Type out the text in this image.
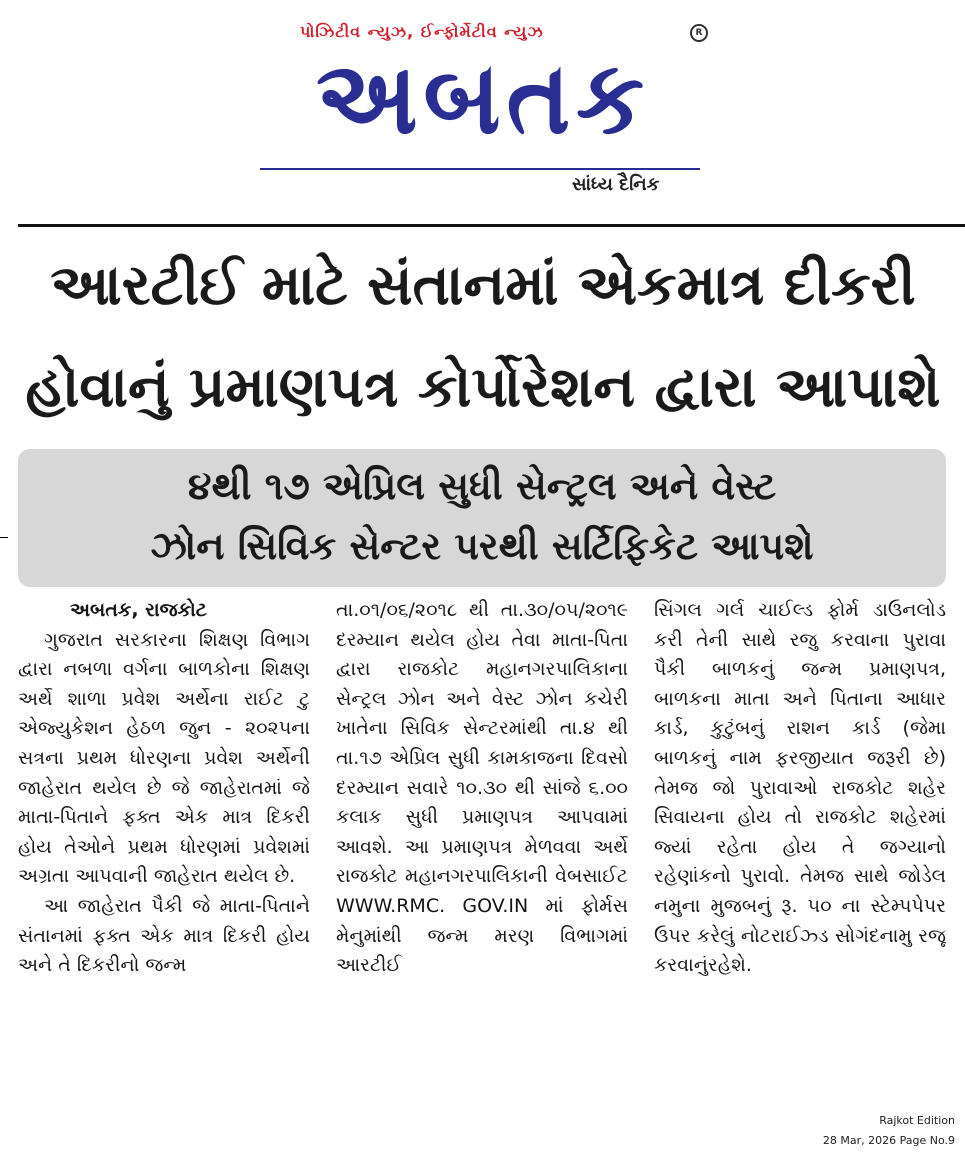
પોઝિટીવ ન્યુઝ, ઈન્ફોર્મેટીવ ન્યુઝ	R
અબતક
સાંધ્ય દૈનિક
આરટીઈ માટે સંતાનમાં એકમાત્ર દીકરી
હોવાનું પ્રમાણપત્ર કોર્પોરેશન દ્વારા આપાશે
૪થી ૧૭ એપ્રિલ સુધી સેન્ટ્રલ અને વેસ્ટ
ઝોન સિવિક સેન્ટર પરથી સર્ટિફિકેટ આપશે

અબતક, રાજકોટ

ગુજરાત સરકારના શિક્ષણ વિભાગ દ્વારા નબળા વર્ગના બાળકોના શિક્ષણ અર્થે શાળા પ્રવેશ અર્થેના રાઈટ ટુ એજ્યુકેશન હેઠળ જુન - ૨૦૨૫ના સત્રના પ્રથમ ધોરણના પ્રવેશ અર્થેની જાહેરાત થયેલ છે જે જાહેરાતમાં જે માતા-પિતાને ફક્ત એક માત્ર દિકરી હોય તેઓને પ્રથમ ધોરણમાં પ્રવેશમાં અગ્રતા આપવાની જાહેરાત થયેલ છે.

આ જાહેરાત પૈકી જે માતા-પિતાને સંતાનમાં ફક્ત એક માત્ર દિકરી હોય અને તે દિકરીનો જન્મ

તા.૦૧/૦૬/૨૦૧૮ થી તા.૩૦/૦૫/૨૦૧૯ દરમ્યાન થયેલ હોય તેવા માતા-પિતા દ્વારા રાજકોટ મહાનગરપાલિકાના સેન્ટ્રલ ઝોન અને વેસ્ટ ઝોન કચેરી ખાતેના સિવિક સેન્ટરમાંથી તા.૪ થી તા.૧૭ એપ્રિલ સુધી કામકાજના દિવસો દરમ્યાન સવારે ૧૦.૩૦ થી સાંજે ૬.૦૦ કલાક સુધી પ્રમાણપત્ર આપવામાં આવશે. આ પ્રમાણપત્ર મેળવવા અર્થે રાજકોટ મહાનગરપાલિકાની વેબસાઈટ WWW.RMC. GOV.IN માં ફોર્મસ મેનુમાંથી જન્મ મરણ વિભાગમાં આરટીઈ

સિંગલ ગર્લ ચાઈલ્ડ ફોર્મ ડાઉનલોડ કરી તેની સાથે રજુ કરવાના પુરાવા પૈકી બાળકનું જન્મ પ્રમાણપત્ર, બાળકના માતા અને પિતાના આધાર કાર્ડ, કુટુંબનું રાશન કાર્ડ (જેમા બાળકનું નામ ફરજીયાત જરૂરી છે) તેમજ જો પુરાવાઓ રાજકોટ શહેર સિવાયના હોય તો રાજકોટ શહેરમાં જ્યાં રહેતા હોય તે જગ્યાનો રહેણાંકનો પુરાવો. તેમજ સાથે જોડેલ નમુના મુજબનું રૂ. ૫૦ ના સ્ટેમ્પપેપર ઉપર કરેલું નોટરાઈઝ્ડ સોગંદનામુ રજૂ કરવાનુંરહેશે.

Rajkot Edition
28 Mar, 2026 Page No.9
